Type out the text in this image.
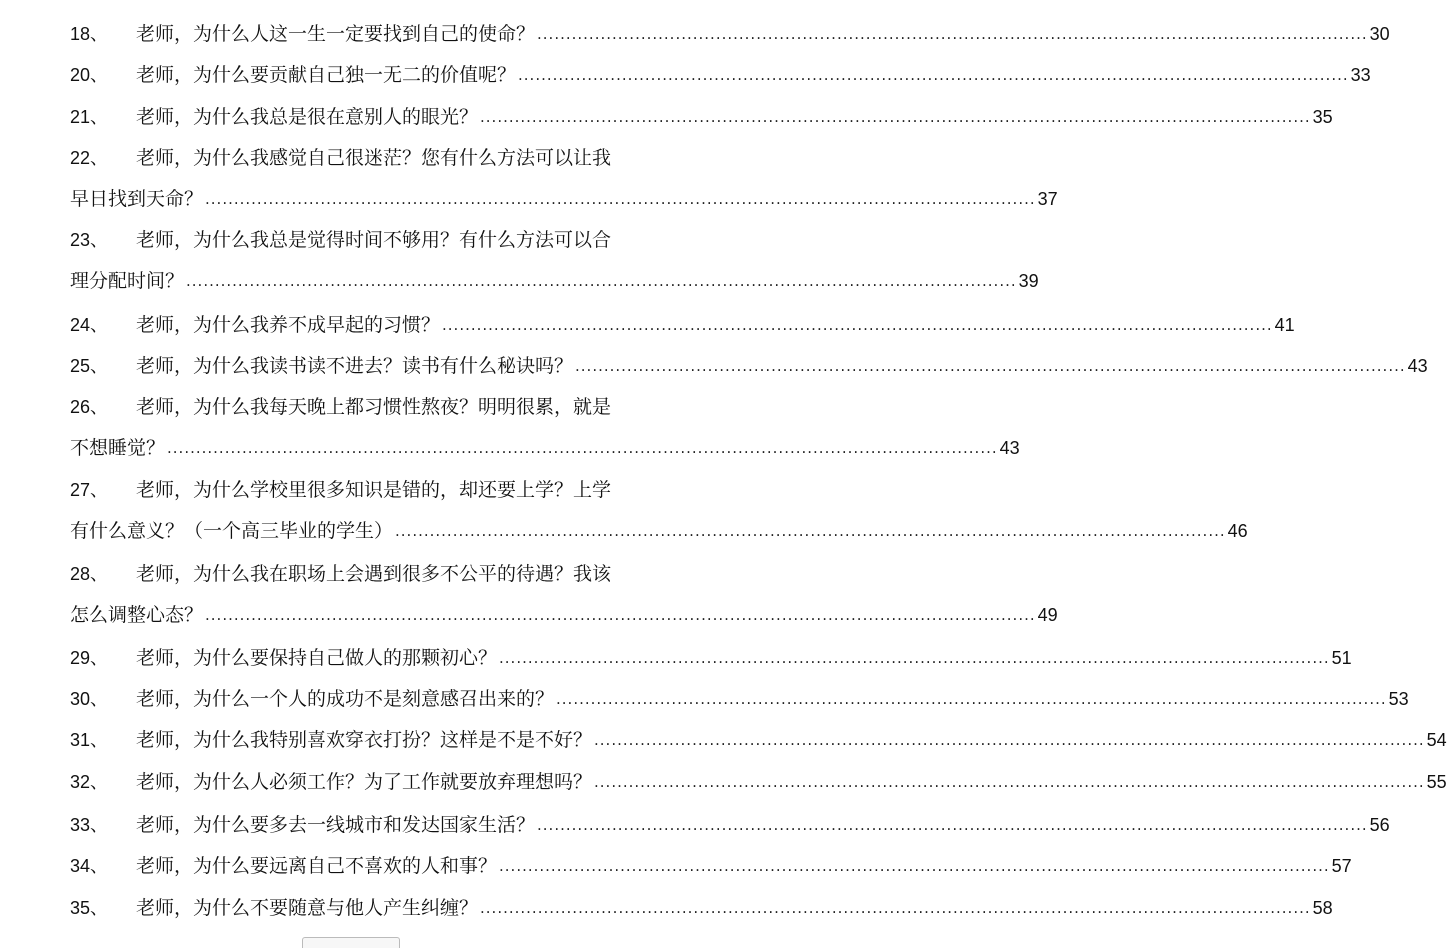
18、	老师，为什么人这一生一定要找到自己的使命？ ................................................................................................................................................ 30
20、	老师，为什么要贡献自己独一无二的价值呢？ ................................................................................................................................................ 33
21、	老师，为什么我总是很在意别人的眼光？ ................................................................................................................................................ 35
22、	老师，为什么我感觉自己很迷茫？您有什么方法可以让我
早日找到天命？ ................................................................................................................................................ 37
23、	老师，为什么我总是觉得时间不够用？有什么方法可以合
理分配时间？ ................................................................................................................................................ 39
24、	老师，为什么我养不成早起的习惯？ ................................................................................................................................................ 41
25、	老师，为什么我读书读不进去？读书有什么秘诀吗？ ................................................................................................................................................ 43
26、	老师，为什么我每天晚上都习惯性熬夜？明明很累，就是
不想睡觉？ ................................................................................................................................................ 43
27、	老师，为什么学校里很多知识是错的，却还要上学？上学
有什么意义？（一个高三毕业的学生） ................................................................................................................................................ 46
28、	老师，为什么我在职场上会遇到很多不公平的待遇？我该
怎么调整心态？ ................................................................................................................................................ 49
29、	老师，为什么要保持自己做人的那颗初心？ ................................................................................................................................................ 51
30、	老师，为什么一个人的成功不是刻意感召出来的？ ................................................................................................................................................ 53
31、	老师，为什么我特别喜欢穿衣打扮？这样是不是不好？ ................................................................................................................................................ 54
32、	老师，为什么人必须工作？为了工作就要放弃理想吗？ ................................................................................................................................................ 55
33、	老师，为什么要多去一线城市和发达国家生活？ ................................................................................................................................................ 56
34、	老师，为什么要远离自己不喜欢的人和事？ ................................................................................................................................................ 57
35、	老师，为什么不要随意与他人产生纠缠？ ................................................................................................................................................ 58
